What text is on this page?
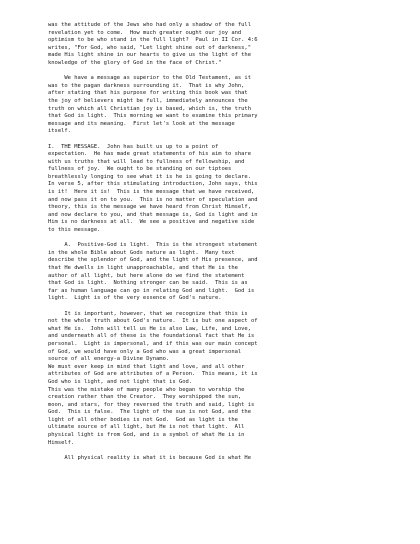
was the attitude of the Jews who had only a shadow of the full
revelation yet to come.  How much greater ought our joy and
optimism to be who stand in the full light?  Paul in II Cor. 4:6
writes, "For God, who said, "Let light shine out of darkness,"
made His light shine in our hearts to give us the light of the
knowledge of the glory of God in the face of Christ."

We have a message as superior to the Old Testament, as it
was to the pagan darkness surrounding it.  That is why John,
after stating that his purpose for writing this book was that
the joy of believers might be full, immediately announces the
truth on which all Christian joy is based, which is, the truth
that God is light.  This morning we want to examine this primary
message and its meaning.  First let's look at the message
itself.

I.  THE MESSAGE.  John has built us up to a point of
expectation.  He has made great statements of his aim to share
with us truths that will lead to fullness of fellowship, and
fullness of joy.  We ought to be standing on our tiptoes
breathlessly longing to see what it is he is going to declare.
In verse 5, after this stimulating introduction, John says, this
is it!  Here it is!  This is the message that we have received,
and now pass it on to you.  This is no matter of speculation and
theory, this is the message we have heard from Christ Himself,
and now declare to you, and that message is, God is light and in
Him is no darkness at all.  We see a positive and negative side
to this message.

A.  Positive-God is light.  This is the strongest statement
in the whole Bible about Gods nature as light.  Many text
describe the splendor of God, and the light of His presence, and
that He dwells in light unapproachable, and that He is the
author of all light, but here alone do we find the statement
that God is light.  Nothing stronger can be said.  This is as
far as human language can go in relating God and light.  God is
light.  Light is of the very essence of God's nature.

It is important, however, that we recognize that this is
not the whole truth about God's nature.  It is but one aspect of
what He is.  John will tell us He is also Law, Life, and Love,
and underneath all of these is the foundational fact that He is
personal.  Light is impersonal, and if this was our main concept
of God, we would have only a God who was a great impersonal
source of all energy-a Divine Dynamo.

We must ever keep in mind that light and love, and all other
attributes of God are attributes of a Person.  This means, it is
God who is light, and not light that is God.
This was the mistake of many people who began to worship the
creation rather than the Creator.  They worshipped the sun,
moon, and stars, for they reversed the truth and said, light is
God.  This is false.  The light of the sun is not God, and the
light of all other bodies is not God.  God as light is the
ultimate source of all light, but He is not that light.  All
physical light is from God, and is a symbol of what He is in
Himself.

All physical reality is what it is because God is what He
